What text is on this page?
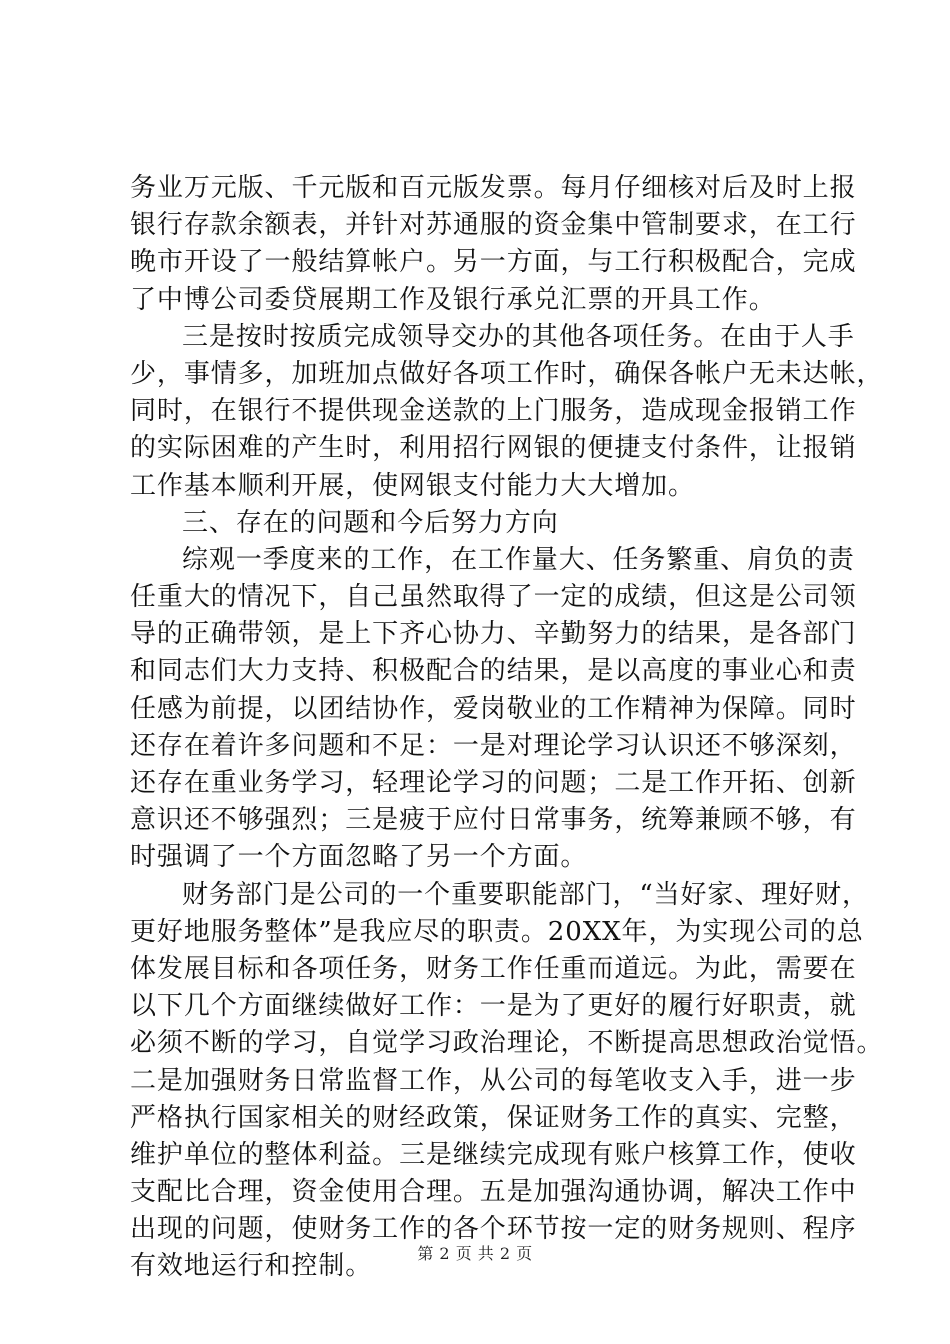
务 业 万 元 版 、 千 元 版 和 百 元 版 发 票 。 每 月 仔 细 核 对 后 及 时 上 报
银 行 存 款 余 额 表 ， 并 针 对 苏 通 服 的 资 金 集 中 管 制 要 求 ， 在 工 行
晚 市 开 设 了 一 般 结 算 帐 户 。 另 一 方 面 ， 与 工 行 积 极 配 合 ， 完 成
了中博公司委贷展期工作及银行承兑汇票的开具工作。
三 是 按 时 按 质 完 成 领 导 交 办 的 其 他 各 项 任 务 。 在 由 于 人 手
少 ， 事 情 多 ， 加 班 加 点 做 好 各 项 工 作 时 ， 确 保 各 帐 户 无 未 达 帐 ，
同 时 ， 在 银 行 不 提 供 现 金 送 款 的 上 门 服 务 ， 造 成 现 金 报 销 工 作
的 实 际 困 难 的 产 生 时 ， 利 用 招 行 网 银 的 便 捷 支 付 条 件 ， 让 报 销
工作基本顺利开展，使网银支付能力大大增加。
三、存在的问题和今后努力方向
综 观 一 季 度 来 的 工 作 ， 在 工 作 量 大 、 任 务 繁 重 、 肩 负 的 责
任 重 大 的 情 况 下 ， 自 己 虽 然 取 得 了 一 定 的 成 绩 ， 但 这 是 公 司 领
导 的 正 确 带 领 ， 是 上 下 齐 心 协 力 、 辛 勤 努 力 的 结 果 ， 是 各 部 门
和 同 志 们 大 力 支 持 、 积 极 配 合 的 结 果 ， 是 以 高 度 的 事 业 心 和 责
任 感 为 前 提 ， 以 团 结 协 作 ， 爱 岗 敬 业 的 工 作 精 神 为 保 障 。 同 时
还 存 在 着 许 多 问 题 和 不 足 ： 一 是 对 理 论 学 习 认 识 还 不 够 深 刻 ，
还 存 在 重 业 务 学 习 ， 轻 理 论 学 习 的 问 题 ； 二 是 工 作 开 拓 、 创 新
意 识 还 不 够 强 烈 ； 三 是 疲 于 应 付 日 常 事 务 ， 统 筹 兼 顾 不 够 ， 有
时强调了一个方面忽略了另一个方面。
财 务 部 门 是 公 司 的 一 个 重 要 职 能 部 门 ， “ 当 好 家 、 理 好 财 ，
更 好 地 服 务 整 体 ” 是 我 应 尽 的 职 责 。 2 0 X X 年 ， 为 实 现 公 司 的 总
体 发 展 目 标 和 各 项 任 务 ， 财 务 工 作 任 重 而 道 远 。 为 此 ， 需 要 在
以 下 几 个 方 面 继 续 做 好 工 作 ： 一 是 为 了 更 好 的 履 行 好 职 责 ， 就
必 须 不 断 的 学 习 ， 自 觉 学 习 政 治 理 论 ， 不 断 提 高 思 想 政 治 觉 悟 。
二 是 加 强 财 务 日 常 监 督 工 作 ， 从 公 司 的 每 笔 收 支 入 手 ， 进 一 步
严 格 执 行 国 家 相 关 的 财 经 政 策 ， 保 证 财 务 工 作 的 真 实 、 完 整 ，
维 护 单 位 的 整 体 利 益 。 三 是 继 续 完 成 现 有 账 户 核 算 工 作 ， 使 收
支 配 比 合 理 ， 资 金 使 用 合 理 。 五 是 加 强 沟 通 协 调 ， 解 决 工 作 中
出 现 的 问 题 ， 使 财 务 工 作 的 各 个 环 节 按 一 定 的 财 务 规 则 、 程 序
有效地运行和控制。	第 2 页 共 2 页
